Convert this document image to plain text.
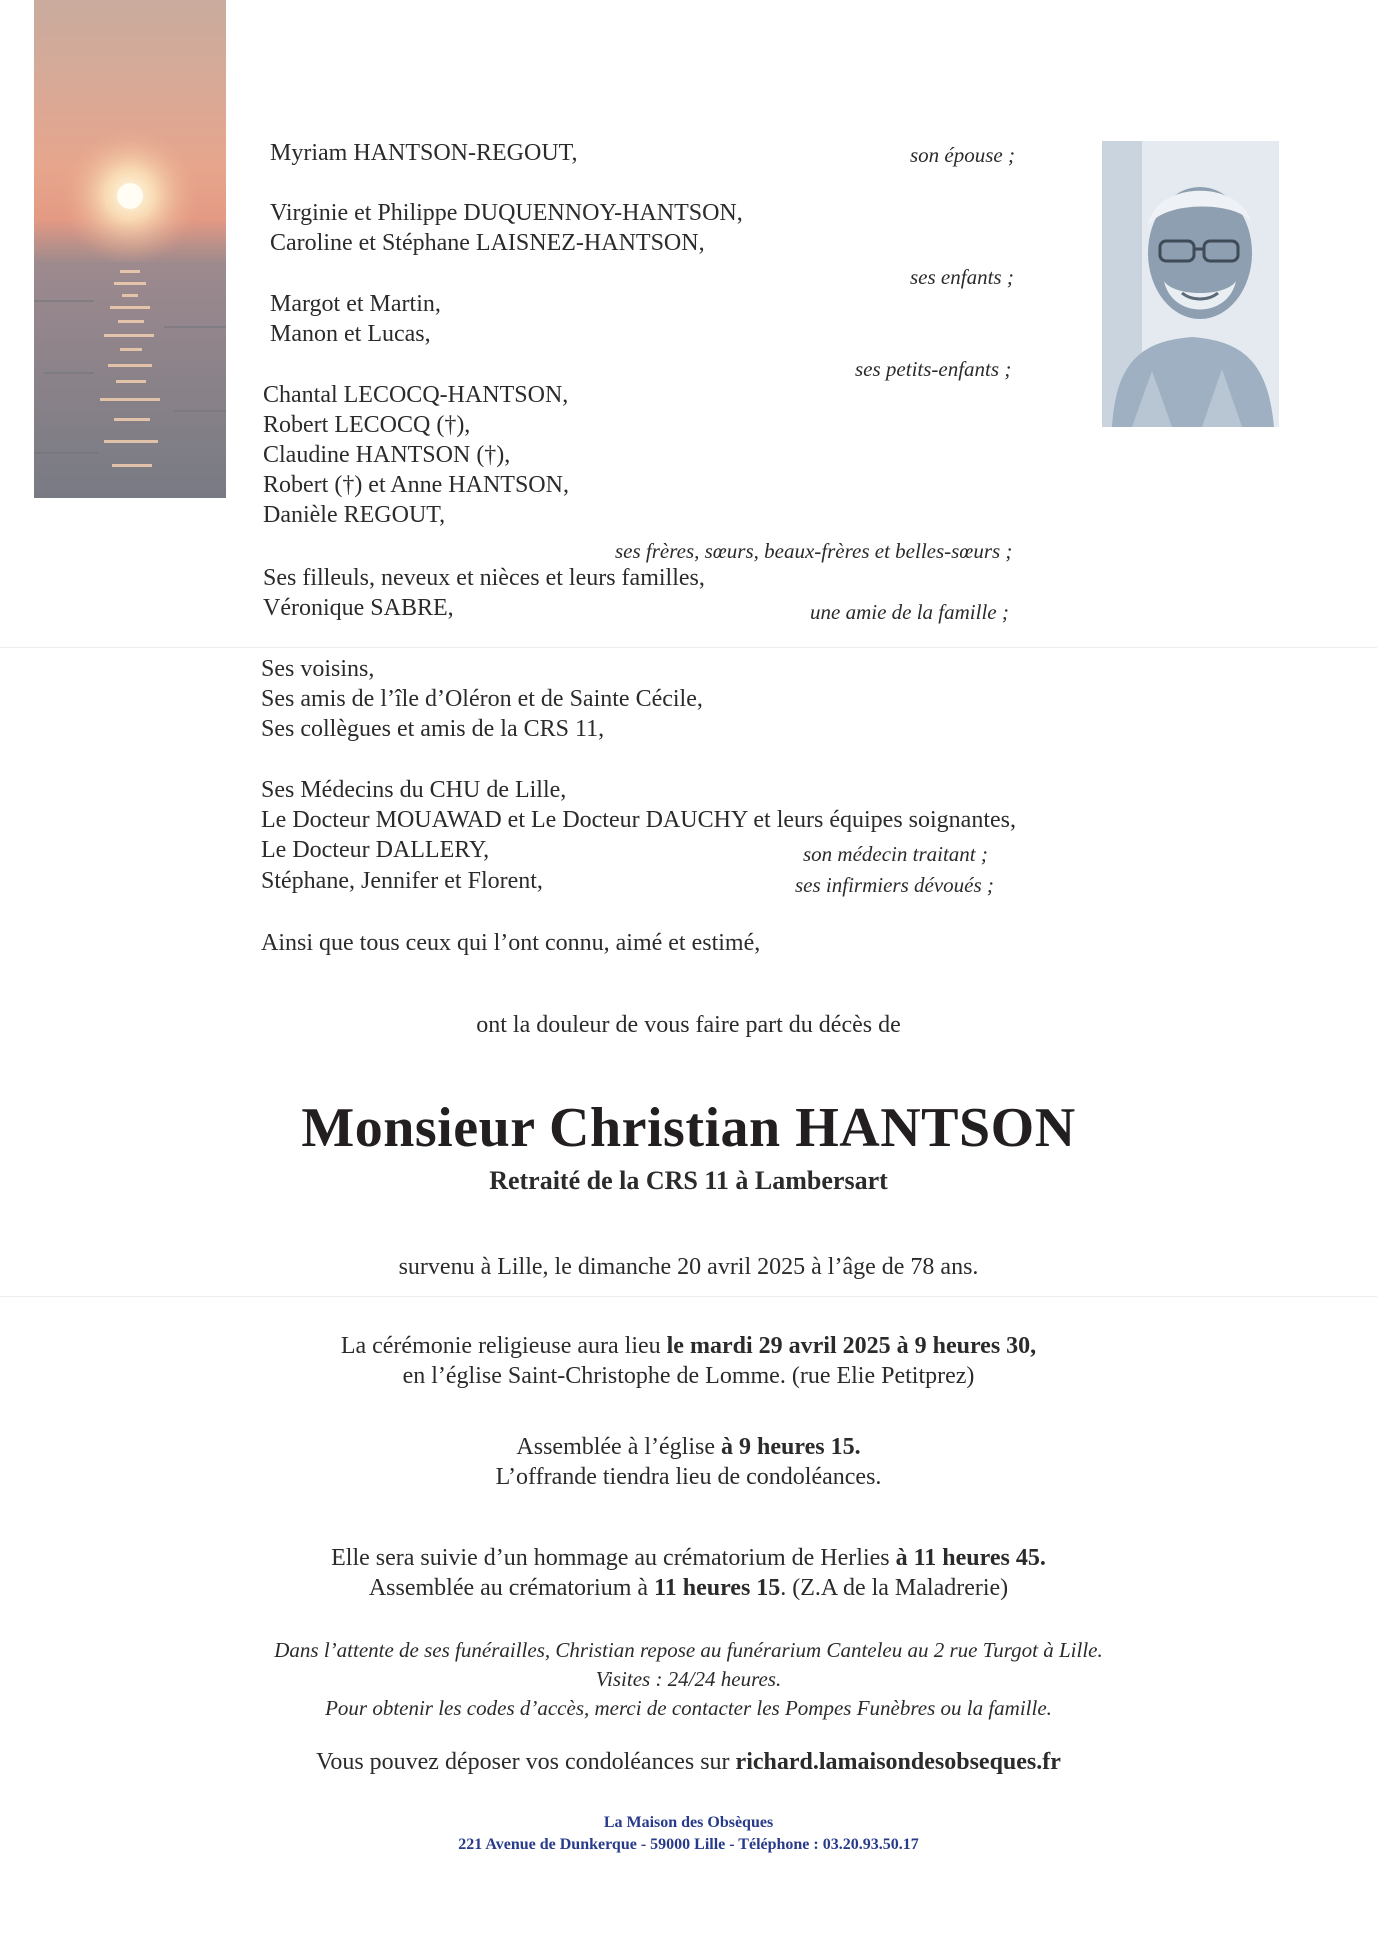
Myriam HANTSON-REGOUT,	son épouse ;
Virginie et Philippe DUQUENNOY-HANTSON,
Caroline et Stéphane LAISNEZ-HANTSON,
ses enfants ;
Margot et Martin,
Manon et Lucas,
ses petits-enfants ;
Chantal LECOCQ-HANTSON,
Robert LECOCQ (†),
Claudine HANTSON (†),
Robert (†) et Anne HANTSON,
Danièle REGOUT,
ses frères, sœurs, beaux-frères et belles-sœurs ;
Ses filleuls, neveux et nièces et leurs familles,
Véronique SABRE,	une amie de la famille ;
Ses voisins,
Ses amis de l’île d’Oléron et de Sainte Cécile,
Ses collègues et amis de la CRS 11,
Ses Médecins du CHU de Lille,
Le Docteur MOUAWAD et Le Docteur DAUCHY et leurs équipes soignantes,
Le Docteur DALLERY,	son médecin traitant ;
Stéphane, Jennifer et Florent,	ses infirmiers dévoués ;
Ainsi que tous ceux qui l’ont connu, aimé et estimé,
ont la douleur de vous faire part du décès de
Monsieur Christian HANTSON
Retraité de la CRS 11 à Lambersart
survenu à Lille, le dimanche 20 avril 2025 à l’âge de 78 ans.
La cérémonie religieuse aura lieu le mardi 29 avril 2025 à 9 heures 30,
en l’église Saint-Christophe de Lomme. (rue Elie Petitprez)
Assemblée à l’église à 9 heures 15.
L’offrande tiendra lieu de condoléances.
Elle sera suivie d’un hommage au crématorium de Herlies à 11 heures 45.
Assemblée au crématorium à 11 heures 15. (Z.A de la Maladrerie)
Dans l’attente de ses funérailles, Christian repose au funérarium Canteleu au 2 rue Turgot à Lille.
Visites : 24/24 heures.
Pour obtenir les codes d’accès, merci de contacter les Pompes Funèbres ou la famille.
Vous pouvez déposer vos condoléances sur richard.lamaisondesobseques.fr
La Maison des Obsèques
221 Avenue de Dunkerque - 59000 Lille - Téléphone : 03.20.93.50.17
